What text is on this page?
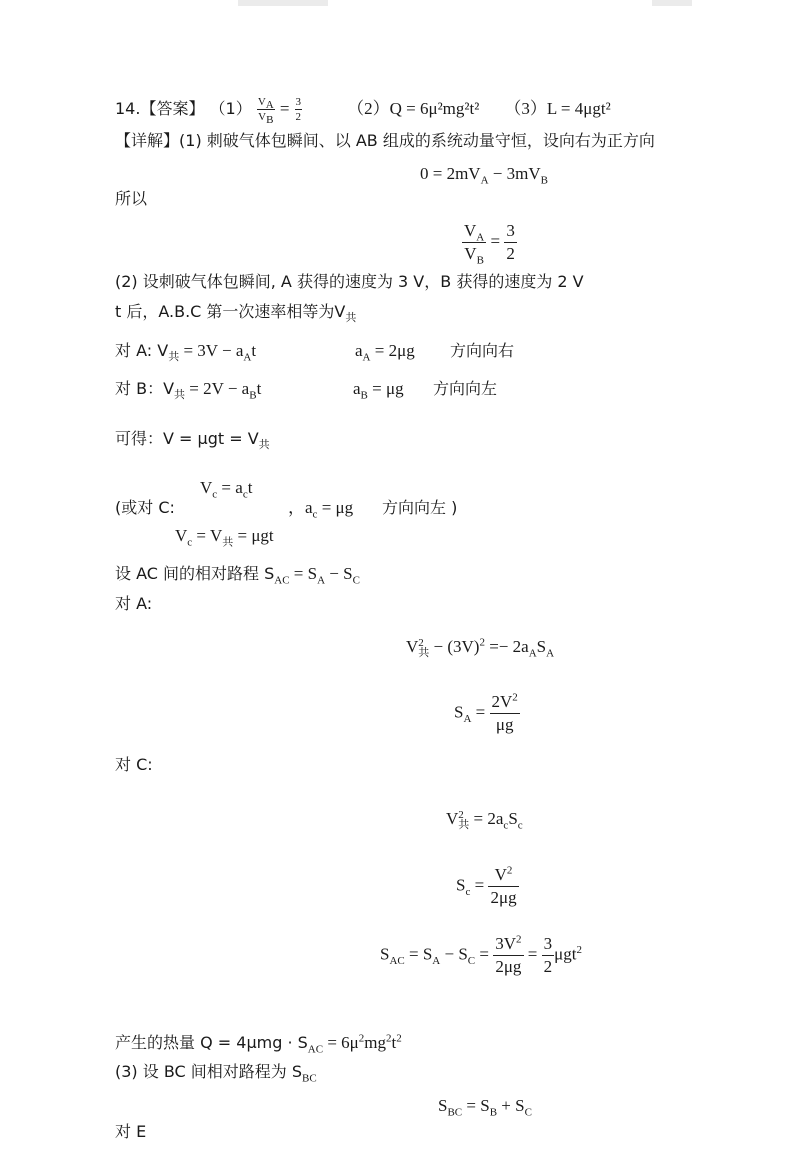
14.【答案】 $(1) \frac{V_A}{V_B} = \frac{3}{2}$	（2）Q = 6μ²mg²t² （3）L = 4μgt²
【详解】(1) 刺破气体包瞬间、以 AB 组成的系统动量守恒，设向右为正方向
$0 = 2mV_A - 3mV_B$
所以
$\frac{V_A}{V_B} = \frac{3}{2}$
(2) 设刺破气体包瞬间, A 获得的速度为 3 V，B 获得的速度为 2 V
t 后，A.B.C 第一次速率相等为$V_共$
对 A: $V_共 = 3V - a_At$	$a_A = 2\mu g$ 方向向右
对 B：$V_共 = 2V - a_Bt$	$a_B = \mu g$ 方向向左
可得：$V = \mu gt = V_共$
$V_c = a_ct$
(或对 C:	，$a_c = \mu g$ 方向向左 )
$V_c = V_共 = \mu gt$
设 AC 间的相对路程 $S_{AC} = S_A - S_C$
对 A:
V 2
共 − $(3V)^2 =- 2a_AS_A$
$S_A = \frac{2V^2}{\mu g}$
对 C:
V 2
共 = $2a_cS_c$
$S_c = \frac{V^2}{2\mu g}$
$S_{AC} = S_A - S_C = \frac{3V^2}{2\mu g} = \frac{3}{2} \mu gt^2$
产生的热量 $Q = 4\mu mg \cdot S_{AC} = 6\mu^2mg^2t^2$
(3) 设 BC 间相对路程为 $S_{BC}$
$S_{BC} = S_B + S_C$
对 E
